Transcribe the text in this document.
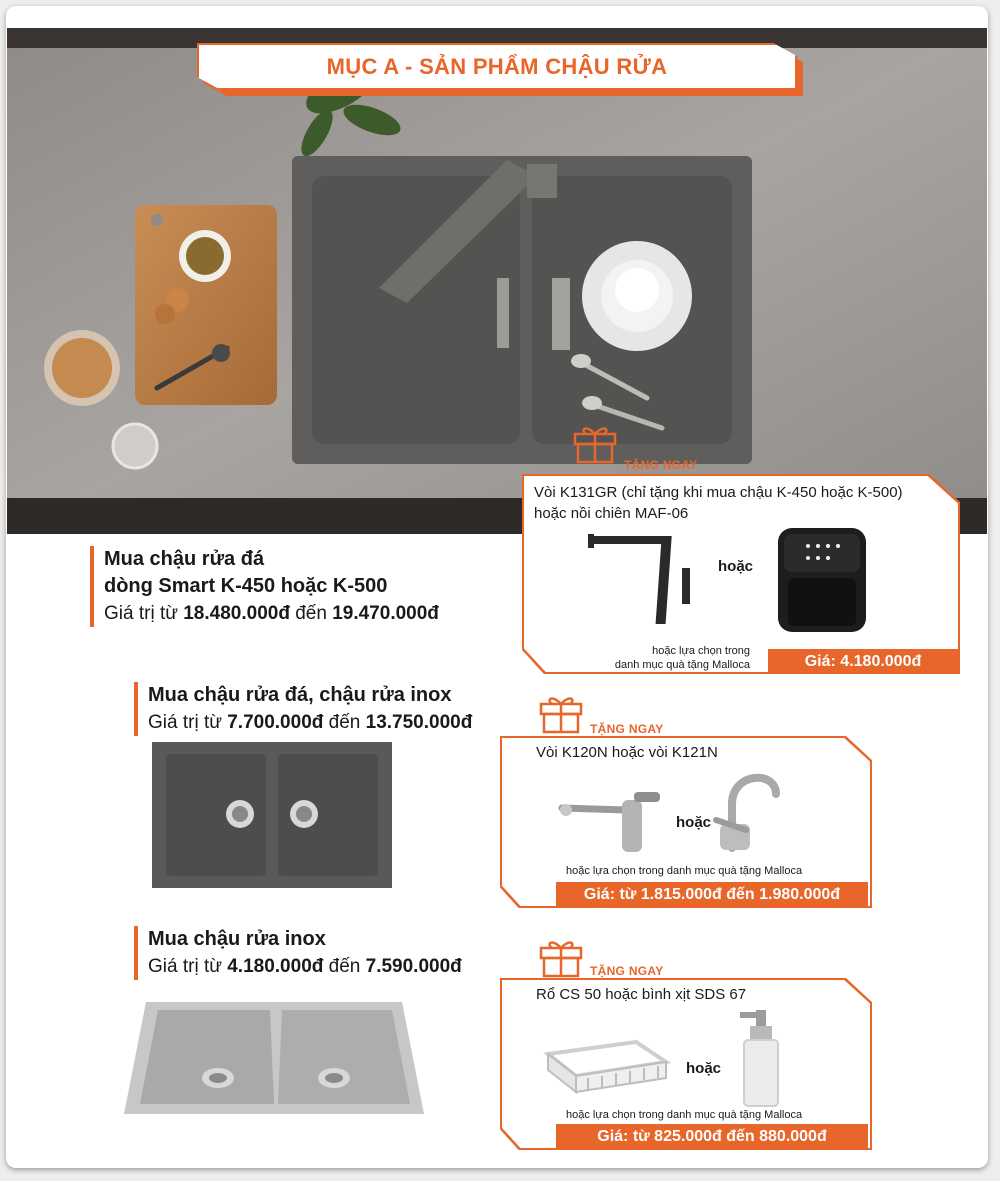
MỤC A - SẢN PHẨM CHẬU RỬA
Mua chậu rửa đá
dòng Smart K-450 hoặc K-500
Giá trị từ 18.480.000đ đến 19.470.000đ
TẶNG NGAY
Vòi K131GR (chỉ tặng khi mua chậu K-450 hoặc K-500)
hoặc nồi chiên MAF-06
hoặc
hoặc lựa chọn trong
danh mục quà tặng Malloca	Giá: 4.180.000đ
Mua chậu rửa đá, chậu rửa inox
Giá trị từ 7.700.000đ đến 13.750.000đ	TẶNG NGAY
Vòi K120N hoặc vòi K121N
hoặc
hoặc lựa chọn trong danh mục quà tặng Malloca
Giá: từ 1.815.000đ đến 1.980.000đ
Mua chậu rửa inox
Giá trị từ 4.180.000đ đến 7.590.000đ	TẶNG NGAY
Rổ CS 50 hoặc bình xịt SDS 67
hoặc
hoặc lựa chọn trong danh mục quà tặng Malloca
Giá: từ 825.000đ đến 880.000đ
